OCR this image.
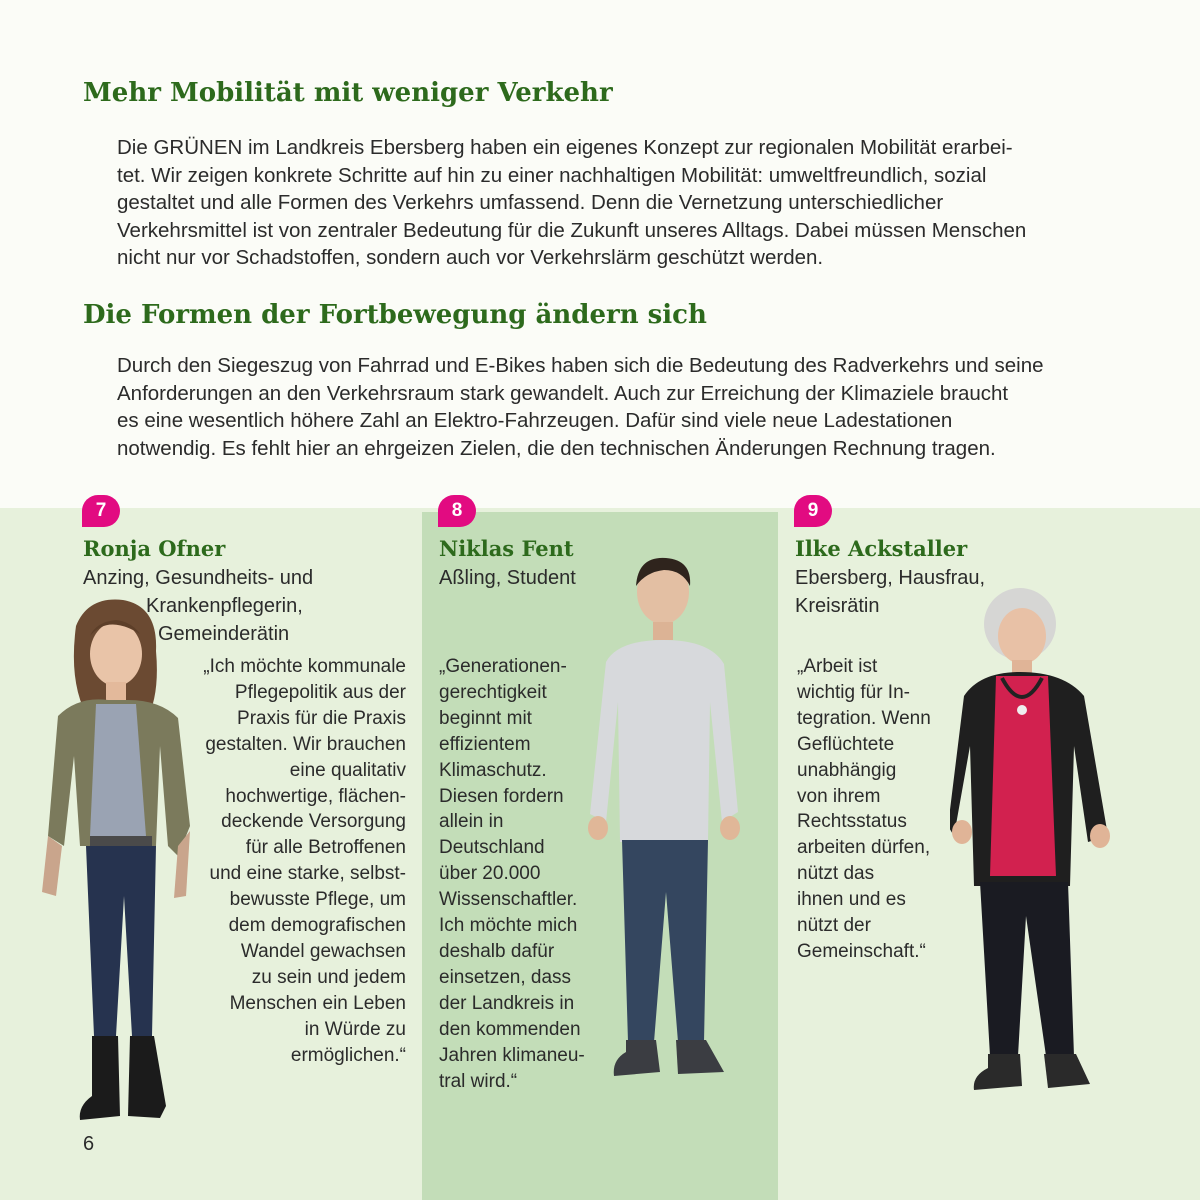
Mehr Mobilität mit weniger Verkehr
Die GRÜNEN im Landkreis Ebersberg haben ein eigenes Konzept zur regionalen Mobilität erarbei-
tet. Wir zeigen konkrete Schritte auf hin zu einer nachhaltigen Mobilität: umweltfreundlich, sozial
gestaltet und alle Formen des Verkehrs umfassend. Denn die Vernetzung unterschiedlicher
Verkehrsmittel ist von zentraler Bedeutung für die Zukunft unseres Alltags. Dabei müssen Menschen
nicht nur vor Schadstoffen, sondern auch vor Verkehrslärm geschützt werden.
Die Formen der Fortbewegung ändern sich
Durch den Siegeszug von Fahrrad und E-Bikes haben sich die Bedeutung des Radverkehrs und seine
Anforderungen an den Verkehrsraum stark gewandelt. Auch zur Erreichung der Klimaziele braucht
es eine wesentlich höhere Zahl an Elektro-Fahrzeugen. Dafür sind viele neue Ladestationen
notwendig. Es fehlt hier an ehrgeizen Zielen, die den technischen Änderungen Rechnung tragen.
7
Ronja Ofner
Anzing, Gesundheits- und
Krankenpflegerin,
Gemeinderätin
„Ich möchte kommunale
Pflegepolitik aus der
Praxis für die Praxis
gestalten. Wir brauchen
eine qualitativ
hochwertige, flächen-
deckende Versorgung
für alle Betroffenen
und eine starke, selbst-
bewusste Pflege, um
dem demografischen
Wandel gewachsen
zu sein und jedem
Menschen ein Leben
in Würde zu
ermöglichen.“
8
Niklas Fent
Aßling, Student
„Generationen-
gerechtigkeit
beginnt mit
effizientem
Klimaschutz.
Diesen fordern
allein in
Deutschland
über 20.000
Wissenschaftler.
Ich möchte mich
deshalb dafür
einsetzen, dass
der Landkreis in
den kommenden
Jahren klimaneu-
tral wird.“
9
Ilke Ackstaller
Ebersberg, Hausfrau,
Kreisrätin
„Arbeit ist
wichtig für In-
tegration. Wenn
Geflüchtete
unabhängig
von ihrem
Rechtsstatus
arbeiten dürfen,
nützt das
ihnen und es
nützt der
Gemeinschaft.“
6
